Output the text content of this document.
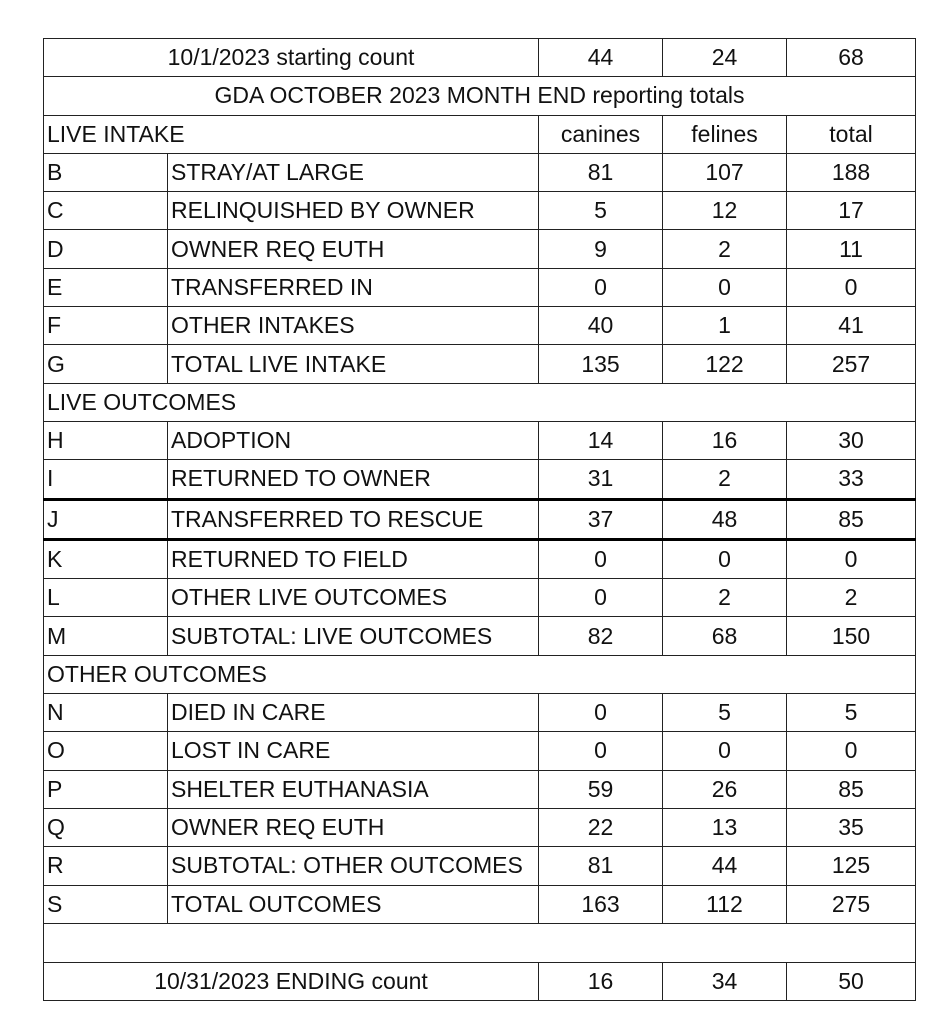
10/1/2023 starting count		44	24	68
GDA OCTOBER 2023 MONTH END reporting totals				
LIVE INTAKE		canines	felines	total
B	STRAY/AT LARGE	81	107	188
C	RELINQUISHED BY OWNER	5	12	17
D	OWNER REQ EUTH	9	2	11
E	TRANSFERRED IN	0	0	0
F	OTHER INTAKES	40	1	41
G	TOTAL LIVE INTAKE	135	122	257
LIVE OUTCOMES				
H	ADOPTION	14	16	30
I	RETURNED TO OWNER	31	2	33
J	TRANSFERRED TO RESCUE	37	48	85
K	RETURNED TO FIELD	0	0	0
L	OTHER LIVE OUTCOMES	0	2	2
M	SUBTOTAL: LIVE OUTCOMES	82	68	150
OTHER OUTCOMES				
N	DIED IN CARE	0	5	5
O	LOST IN CARE	0	0	0
P	SHELTER EUTHANASIA	59	26	85
Q	OWNER REQ EUTH	22	13	35
R	SUBTOTAL: OTHER OUTCOMES	81	44	125
S	TOTAL OUTCOMES	163	112	275

10/31/2023 ENDING count		16	34	50
